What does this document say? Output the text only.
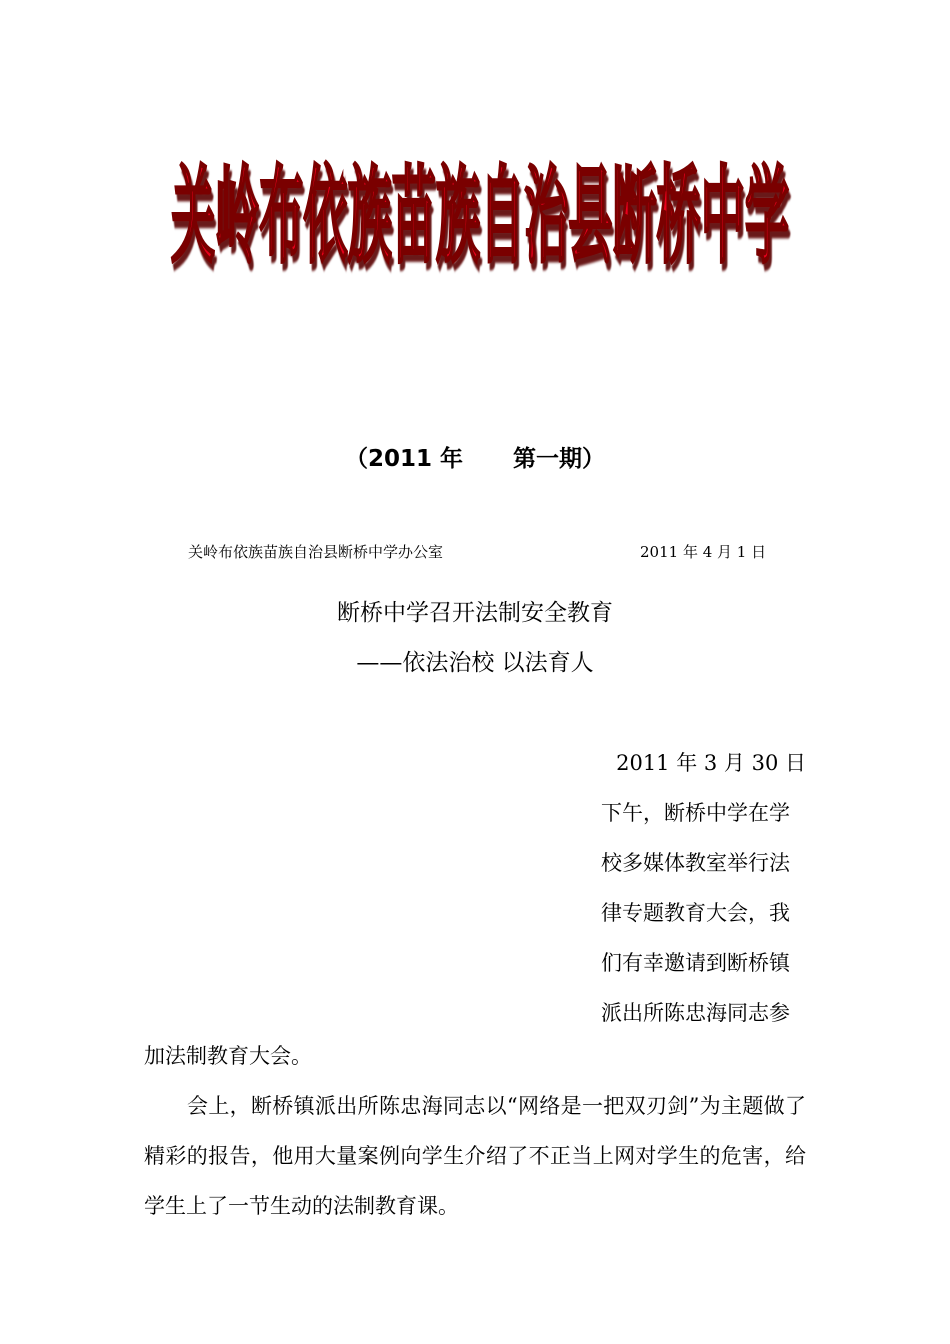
关岭布依族苗族自治县断桥中学
（2011 年 第一期）
关岭布依族苗族自治县断桥中学办公室	2011 年 4 月 1 日
断桥中学召开法制安全教育
——依法治校 以法育人
2011 年 3 月 30 日
下午，断桥中学在学
校多媒体教室举行法
律专题教育大会，我
们有幸邀请到断桥镇
派出所陈忠海同志参
加法制教育大会。
会上，断桥镇派出所陈忠海同志以“网络是一把双刃剑”为主题做了精彩的报告，他用大量案例向学生介绍了不正当上网对学生的危害，给学生上了一节生动的法制教育课。
